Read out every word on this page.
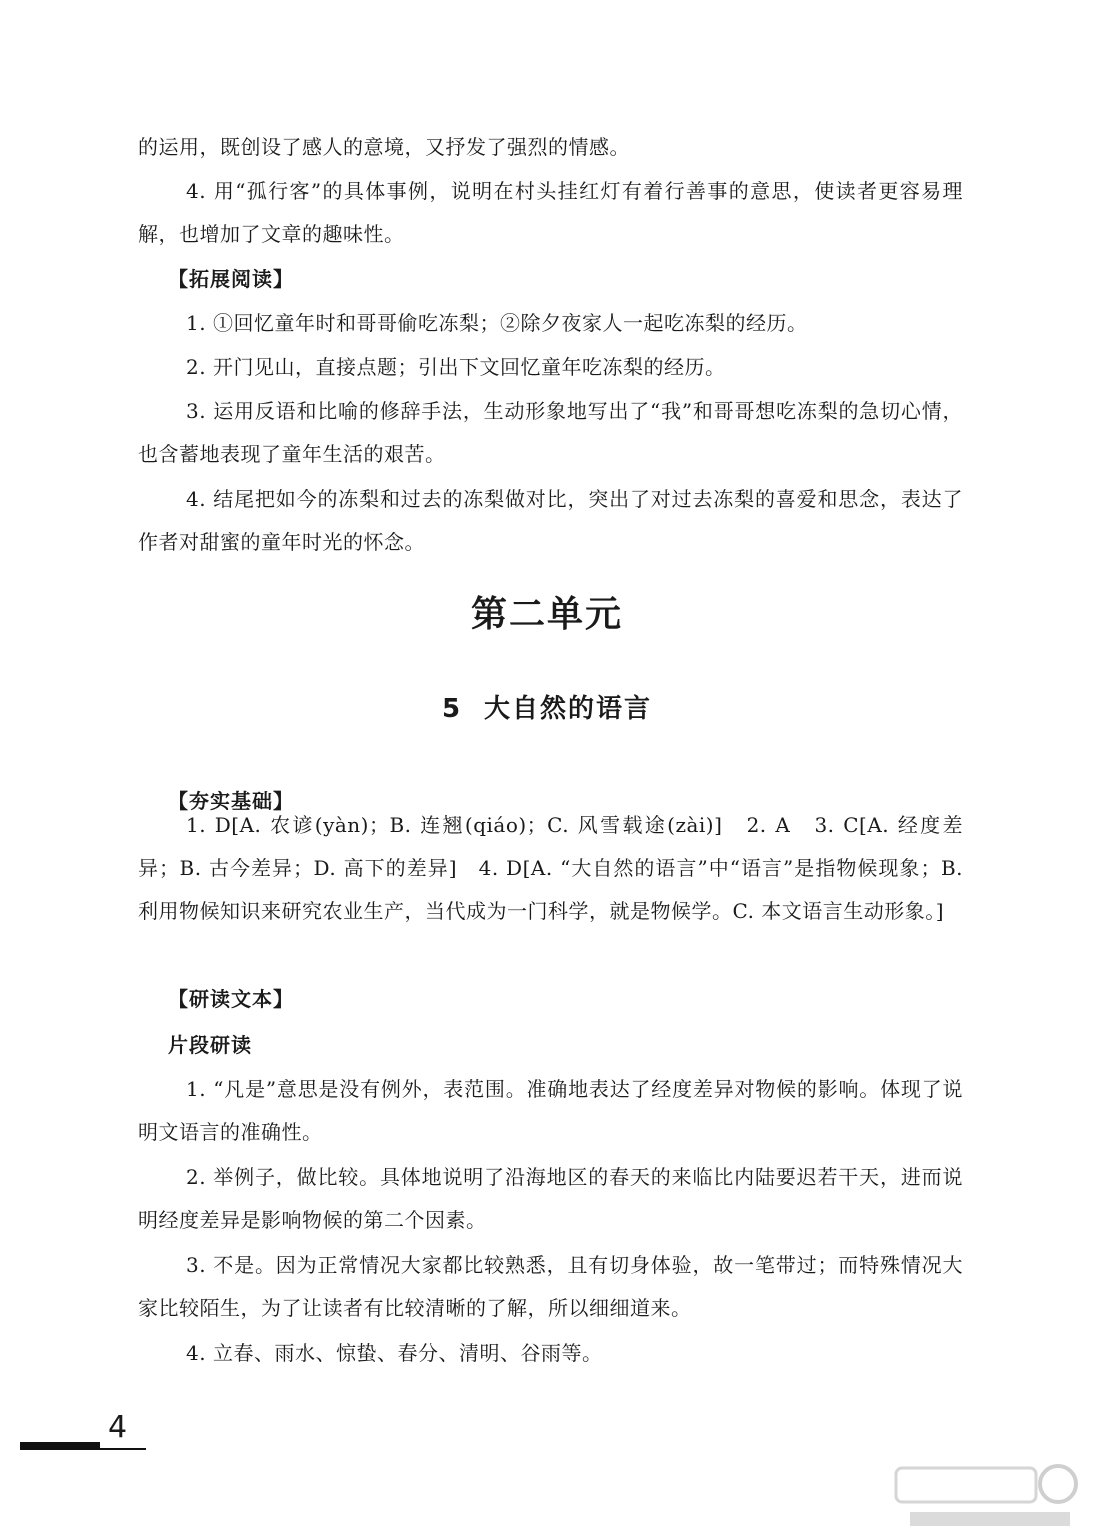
的运用，既创设了感人的意境，又抒发了强烈的情感。

4. 用“孤行客”的具体事例，说明在村头挂红灯有着行善事的意思，使读者更容易理解，也增加了文章的趣味性。

【拓展阅读】

1. ①回忆童年时和哥哥偷吃冻梨；②除夕夜家人一起吃冻梨的经历。

2. 开门见山，直接点题；引出下文回忆童年吃冻梨的经历。

3. 运用反语和比喻的修辞手法，生动形象地写出了“我”和哥哥想吃冻梨的急切心情，也含蓄地表现了童年生活的艰苦。

4. 结尾把如今的冻梨和过去的冻梨做对比，突出了对过去冻梨的喜爱和思念，表达了作者对甜蜜的童年时光的怀念。

第二单元
5 大自然的语言

【夯实基础】

1. D[A. 农谚(yàn)；B. 连翘(qiáo)；C. 风雪载途(zài)]　2. A　3. C[A. 经度差异；B. 古今差异；D. 高下的差异]　4. D[A. “大自然的语言”中“语言”是指物候现象；B. 利用物候知识来研究农业生产，当代成为一门科学，就是物候学。C. 本文语言生动形象。]

【研读文本】

片段研读

1. “凡是”意思是没有例外，表范围。准确地表达了经度差异对物候的影响。体现了说明文语言的准确性。

2. 举例子，做比较。具体地说明了沿海地区的春天的来临比内陆要迟若干天，进而说明经度差异是影响物候的第二个因素。

3. 不是。因为正常情况大家都比较熟悉，且有切身体验，故一笔带过；而特殊情况大家比较陌生，为了让读者有比较清晰的了解，所以细细道来。

4. 立春、雨水、惊蛰、春分、清明、谷雨等。

4
